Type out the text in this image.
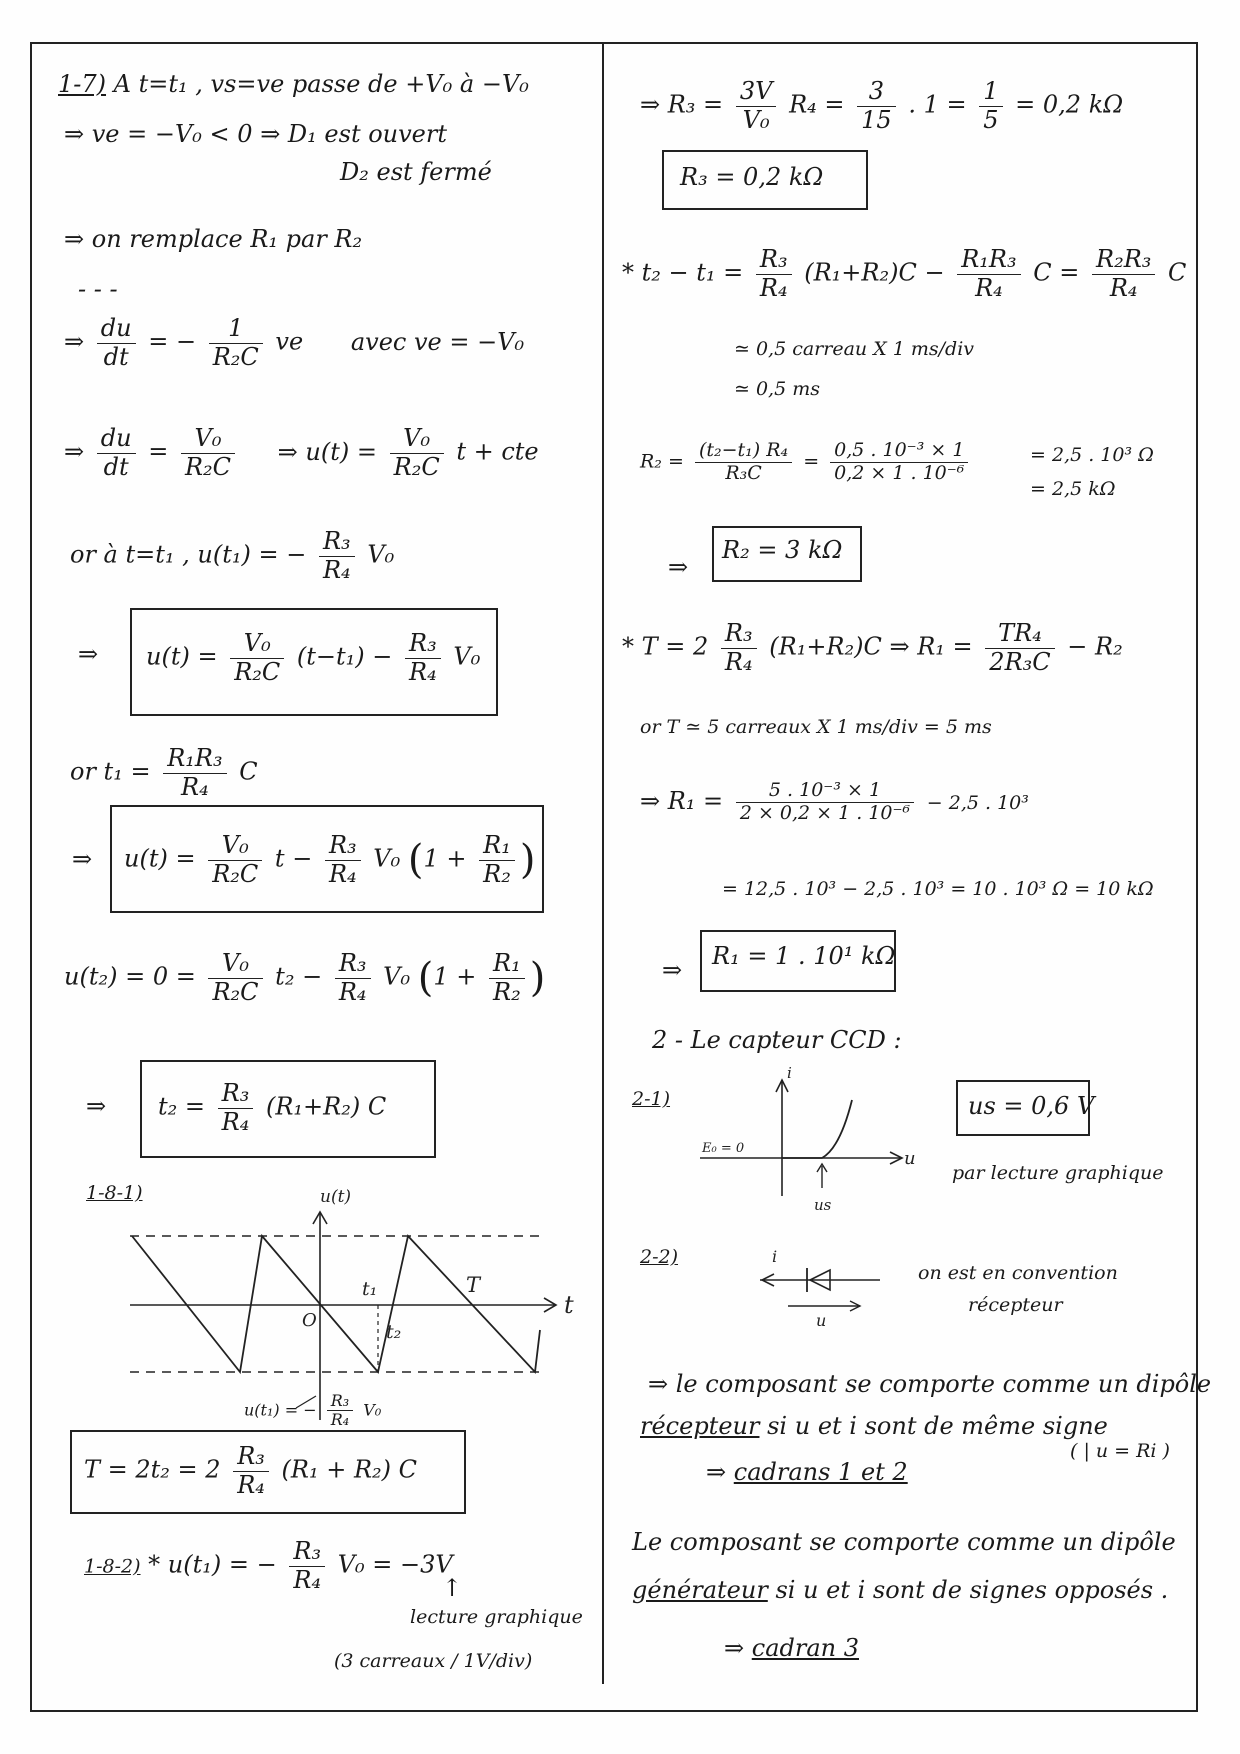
1-7) A t=t₁ , vs=ve passe de +V₀ à −V₀
⇒ ve = −V₀ < 0 ⇒ D₁ est ouvert
D₂ est fermé
⇒ on remplace R₁ par R₂
- - -
⇒ $\frac{du}{dt}$ = − $\frac{1}{\text{R₂C}}$ ve avec ve = −V₀
⇒ $\frac{du}{dt} = \frac{\text{V₀}}{\text{R₂C}}$ ⇒ $u(t) = \frac{\text{V₀}}{\text{R₂C}}$ t + cte
or à t=t₁ , u(t₁) = − $\frac{\text{R₃}}{\text{R₄}} V_0$
⇒ $u(t) = \frac{\text{V₀}}{\text{R₂C}} (t-t_1) - \frac{\text{R₃}}{\text{R₄}} V_0$
or $t_1 = \frac{\text{R₁R₃}}{\text{R₄}}$ C
⇒ $u(t) = \frac{\text{V₀}}{\text{R₂C}}$ $t - \frac{\text{R₃}}{\text{R₄}} V_0$ ($1 + \frac{\text{R₁}}{\text{R₂}}$ )
$u(t_2) = 0 = \frac{\text{V₀}}{\text{R₂C}} t_2 - \frac{\text{R₃}}{\text{R₄}} V_0$ ($1 + \frac{\text{R₁}}{\text{R₂}}$ )
⇒ $t_2 = \frac{\text{R₃}}{\text{R₄}} (R_1+R_2)$ C
1-8-1)	u(t)
t
O
t₁
t₂
T
u(t₁) = − $\frac{\text{R₃}}{\text{R₄}} V_0$
$T = 2t_2 = 2 \frac{\text{R₃}}{\text{R₄}} (R_1 + R_2)$ C
1-8-2) * u(t₁) = − $\frac{\text{R₃}}{\text{R₄}} V_0 = -3V$
↑
lecture graphique
(3 carreaux / 1V/div)
⇒ $R_3 = \frac{3V}{\text{V₀}} R_4 = \frac{3}{15}$ . $1 = \frac{1}{5} = 0,2$ kΩ
R₃ = 0,2 kΩ
* $t_2 - t_1 = \frac{\text{R₃}}{\text{R₄}} (R_1+R_2)C - \frac{\text{R₁R₃}}{\text{R₄}}$ $C = \frac{\text{R₂R₃}}{\text{R₄}}$ C
≃ 0,5 carreau X 1 ms/div
≃ 0,5 ms
$R_2 = \frac{\text{(t₂−t₁) R₄}}{\text{R₃C}} = \frac{\text{0,5 . 10⁻³ × 1}}{\text{0,2 × 1 . 10⁻⁶}}$	= 2,5 . 10³ Ω
= 2,5 kΩ
⇒
R₂ = 3 kΩ
* $T = 2 \frac{\text{R₃}}{\text{R₄}} (R_1+R_2)C$ ⇒ $R_1 = \frac{\text{TR₄}}{\text{2R₃C}} - R_2$
or T ≃ 5 carreaux X 1 ms/div = 5 ms
⇒ $R_1 = \frac{\text{5 . 10⁻³ × 1}}{\text{2 × 0,2 × 1 . 10⁻⁶}} - 2,5$ . 10³
= 12,5 . 10³ − 2,5 . 10³ = 10 . 10³ Ω = 10 kΩ
⇒ R₁ = 1 . 10¹ kΩ
2 - Le capteur CCD :
2-1)
i
u
E₀ = 0
us
us = 0,6 V
par lecture graphique
2-2)	i
u
on est en convention
récepteur
⇒ le composant se comporte comme un dipôle
récepteur si u et i sont de même signe
( | u = Ri )
⇒ cadrans 1 et 2
Le composant se comporte comme un dipôle
générateur si u et i sont de signes opposés .
⇒ cadran 3
